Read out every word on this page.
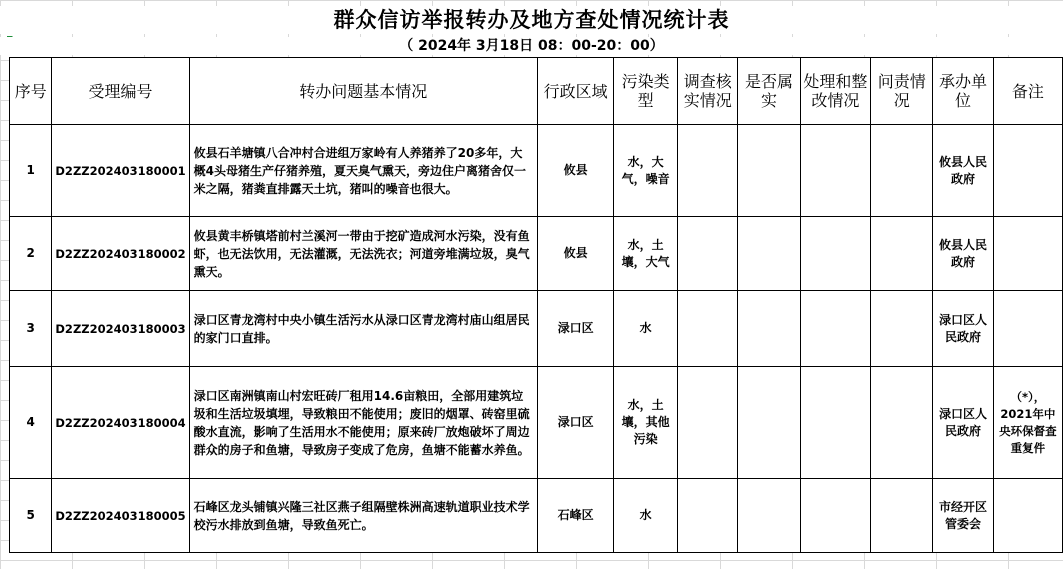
群众信访举报转办及地方查处情况统计表
（ 2024年 3月18日 08：00-20：00）
序号	受理编号	转办问题基本情况	行政区域	污染类型	调查核实情况	是否属实	处理和整改情况	问责情况	承办单位	备注
1	D2ZZ202403180001	攸县石羊塘镇八合冲村合进组万家岭有人养猪养了20多年，大概4头母猪生产仔猪养殖，夏天臭气熏天，旁边住户离猪舍仅一米之隔，猪粪直排露天土坑，猪叫的噪音也很大。	攸县	水，大气，噪音					攸县人民政府	
2	D2ZZ202403180002	攸县黄丰桥镇塔前村兰溪河一带由于挖矿造成河水污染，没有鱼虾，也无法饮用，无法灌溉，无法洗衣；河道旁堆满垃圾，臭气熏天。	攸县	水，土壤，大气					攸县人民政府	
3	D2ZZ202403180003	渌口区青龙湾村中央小镇生活污水从渌口区青龙湾村庙山组居民的家门口直排。	渌口区	水					渌口区人民政府	
4	D2ZZ202403180004	渌口区南洲镇南山村宏旺砖厂租用14.6亩粮田，全部用建筑垃圾和生活垃圾填埋，导致粮田不能使用；废旧的烟罩、砖窑里硫酸水直流，影响了生活用水不能使用；原来砖厂放炮破坏了周边群众的房子和鱼塘，导致房子变成了危房，鱼塘不能蓄水养鱼。	渌口区	水，土壤，其他污染					渌口区人民政府	（*），2021年中央环保督查重复件
5	D2ZZ202403180005	石峰区龙头铺镇兴隆三社区燕子组隔壁株洲高速轨道职业技术学校污水排放到鱼塘，导致鱼死亡。	石峰区	水					市经开区管委会	
